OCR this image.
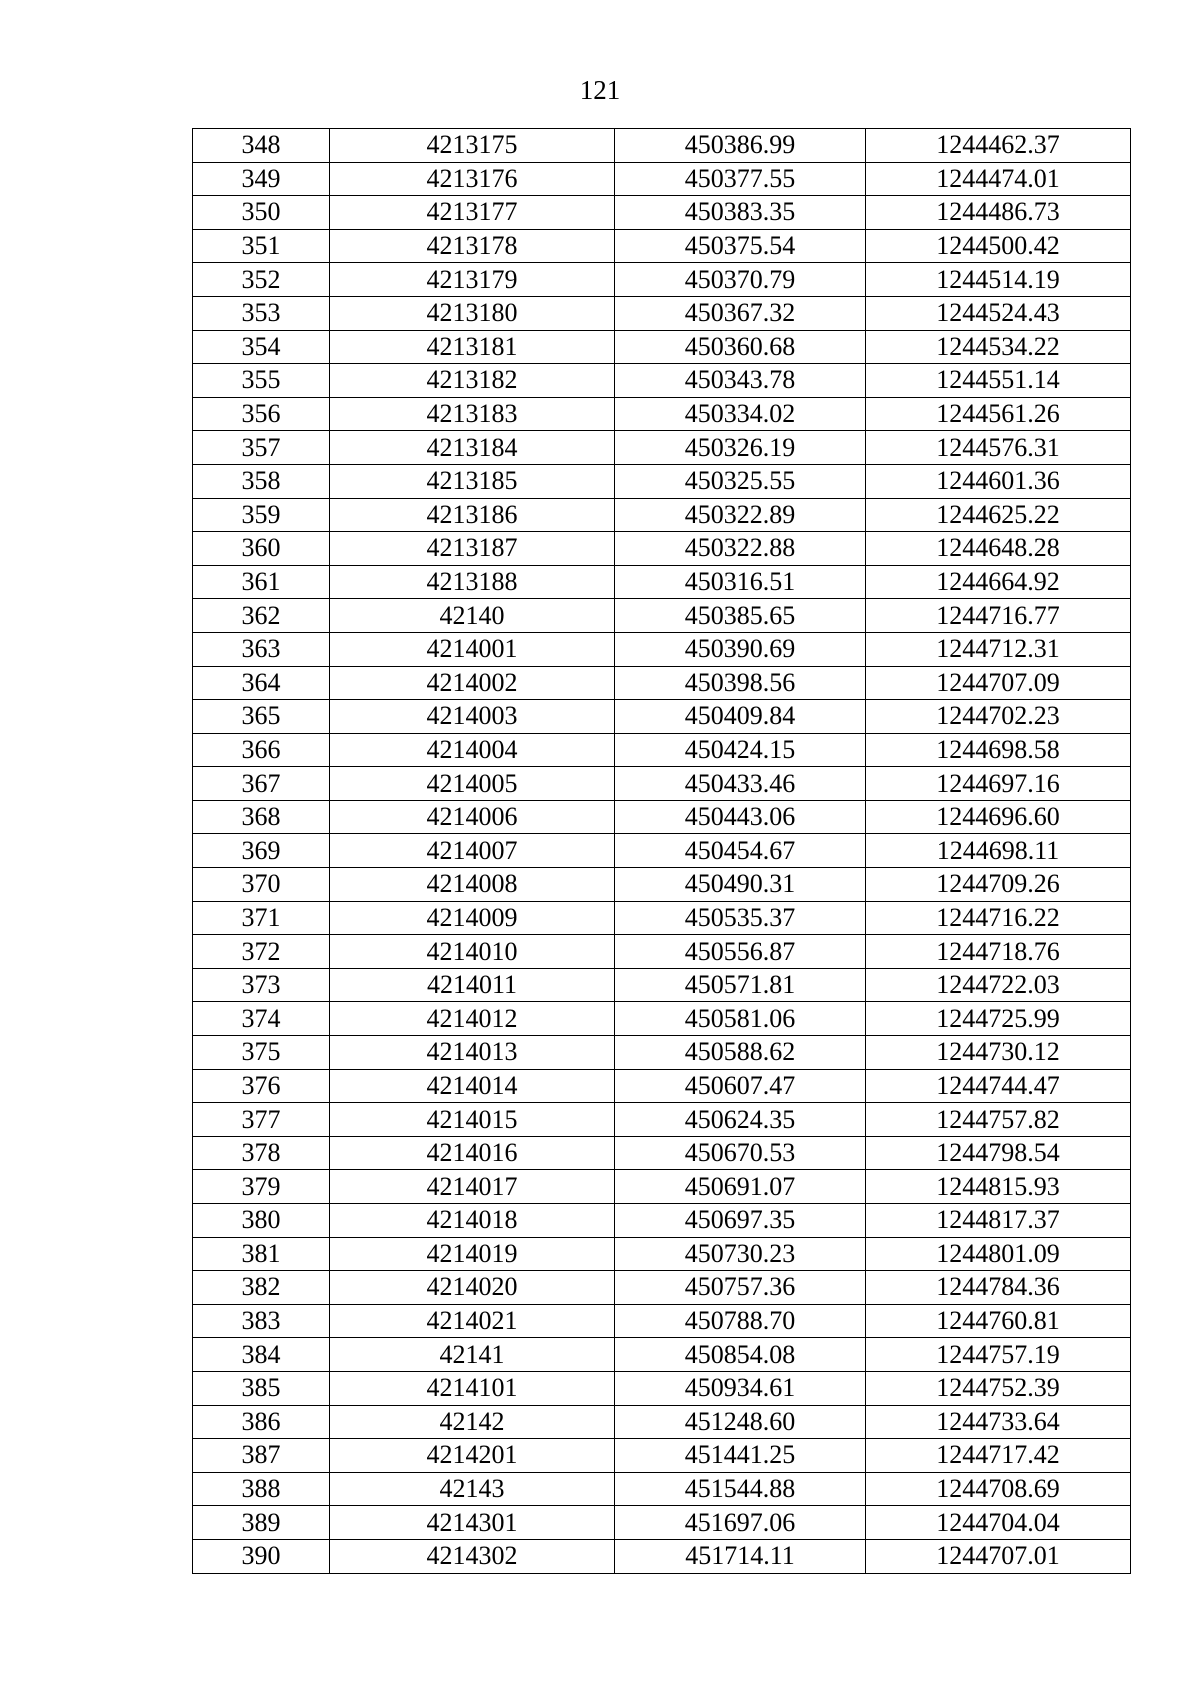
121
348	4213175	450386.99	1244462.37
349	4213176	450377.55	1244474.01
350	4213177	450383.35	1244486.73
351	4213178	450375.54	1244500.42
352	4213179	450370.79	1244514.19
353	4213180	450367.32	1244524.43
354	4213181	450360.68	1244534.22
355	4213182	450343.78	1244551.14
356	4213183	450334.02	1244561.26
357	4213184	450326.19	1244576.31
358	4213185	450325.55	1244601.36
359	4213186	450322.89	1244625.22
360	4213187	450322.88	1244648.28
361	4213188	450316.51	1244664.92
362	42140	450385.65	1244716.77
363	4214001	450390.69	1244712.31
364	4214002	450398.56	1244707.09
365	4214003	450409.84	1244702.23
366	4214004	450424.15	1244698.58
367	4214005	450433.46	1244697.16
368	4214006	450443.06	1244696.60
369	4214007	450454.67	1244698.11
370	4214008	450490.31	1244709.26
371	4214009	450535.37	1244716.22
372	4214010	450556.87	1244718.76
373	4214011	450571.81	1244722.03
374	4214012	450581.06	1244725.99
375	4214013	450588.62	1244730.12
376	4214014	450607.47	1244744.47
377	4214015	450624.35	1244757.82
378	4214016	450670.53	1244798.54
379	4214017	450691.07	1244815.93
380	4214018	450697.35	1244817.37
381	4214019	450730.23	1244801.09
382	4214020	450757.36	1244784.36
383	4214021	450788.70	1244760.81
384	42141	450854.08	1244757.19
385	4214101	450934.61	1244752.39
386	42142	451248.60	1244733.64
387	4214201	451441.25	1244717.42
388	42143	451544.88	1244708.69
389	4214301	451697.06	1244704.04
390	4214302	451714.11	1244707.01
